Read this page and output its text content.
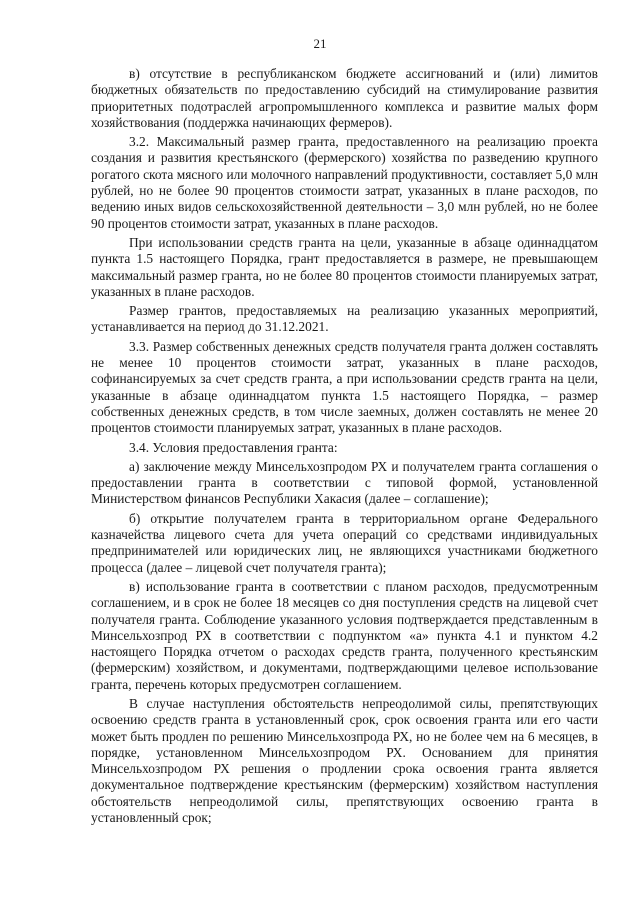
21

в) отсутствие в республиканском бюджете ассигнований и (или) лимитов бюджетных обязательств по предоставлению субсидий на стимулирование развития приоритетных подотраслей агропромышленного комплекса и развитие малых форм хозяйствования (поддержка начинающих фермеров).

3.2. Максимальный размер гранта, предоставленного на реализацию проекта создания и развития крестьянского (фермерского) хозяйства по разведению крупного рогатого скота мясного или молочного направлений продуктивности, составляет 5,0 млн рублей, но не более 90 процентов стоимости затрат, указанных в плане расходов, по ведению иных видов сельскохозяйственной деятельности – 3,0 млн рублей, но не более 90 процентов стоимости затрат, указанных в плане расходов.

При использовании средств гранта на цели, указанные в абзаце одиннадцатом пункта 1.5 настоящего Порядка, грант предоставляется в размере, не превышающем максимальный размер гранта, но не более 80 процентов стоимости планируемых затрат, указанных в плане расходов.

Размер грантов, предоставляемых на реализацию указанных мероприятий, устанавливается на период до 31.12.2021.

3.3. Размер собственных денежных средств получателя гранта должен составлять не менее 10 процентов стоимости затрат, указанных в плане расходов, софинансируемых за счет средств гранта, а при использовании средств гранта на цели, указанные в абзаце одиннадцатом пункта 1.5 настоящего Порядка, – размер собственных денежных средств, в том числе заемных, должен составлять не менее 20 процентов стоимости планируемых затрат, указанных в плане расходов.

3.4. Условия предоставления гранта:

а) заключение между Минсельхозпродом РХ и получателем гранта соглашения о предоставлении гранта в соответствии с типовой формой, установленной Министерством финансов Республики Хакасия (далее – соглашение);

б) открытие получателем гранта в территориальном органе Федерального казначейства лицевого счета для учета операций со средствами индивидуальных предпринимателей или юридических лиц, не являющихся участниками бюджетного процесса (далее – лицевой счет получателя гранта);

в) использование гранта в соответствии с планом расходов, предусмотренным соглашением, и в срок не более 18 месяцев со дня поступления средств на лицевой счет получателя гранта. Соблюдение указанного условия подтверждается представленным в Минсельхозпрод РХ в соответствии с подпунктом «а» пункта 4.1 и пунктом 4.2 настоящего Порядка отчетом о расходах средств гранта, полученного крестьянским (фермерским) хозяйством, и документами, подтверждающими целевое использование гранта, перечень которых предусмотрен соглашением.

В случае наступления обстоятельств непреодолимой силы, препятствующих освоению средств гранта в установленный срок, срок освоения гранта или его части может быть продлен по решению Минсельхозпрода РХ, но не более чем на 6 месяцев, в порядке, установленном Минсельхозпродом РХ. Основанием для принятия Минсельхозпродом РХ решения о продлении срока освоения гранта является документальное подтверждение крестьянским (фермерским) хозяйством наступления обстоятельств непреодолимой силы, препятствующих освоению гранта в установленный срок;
